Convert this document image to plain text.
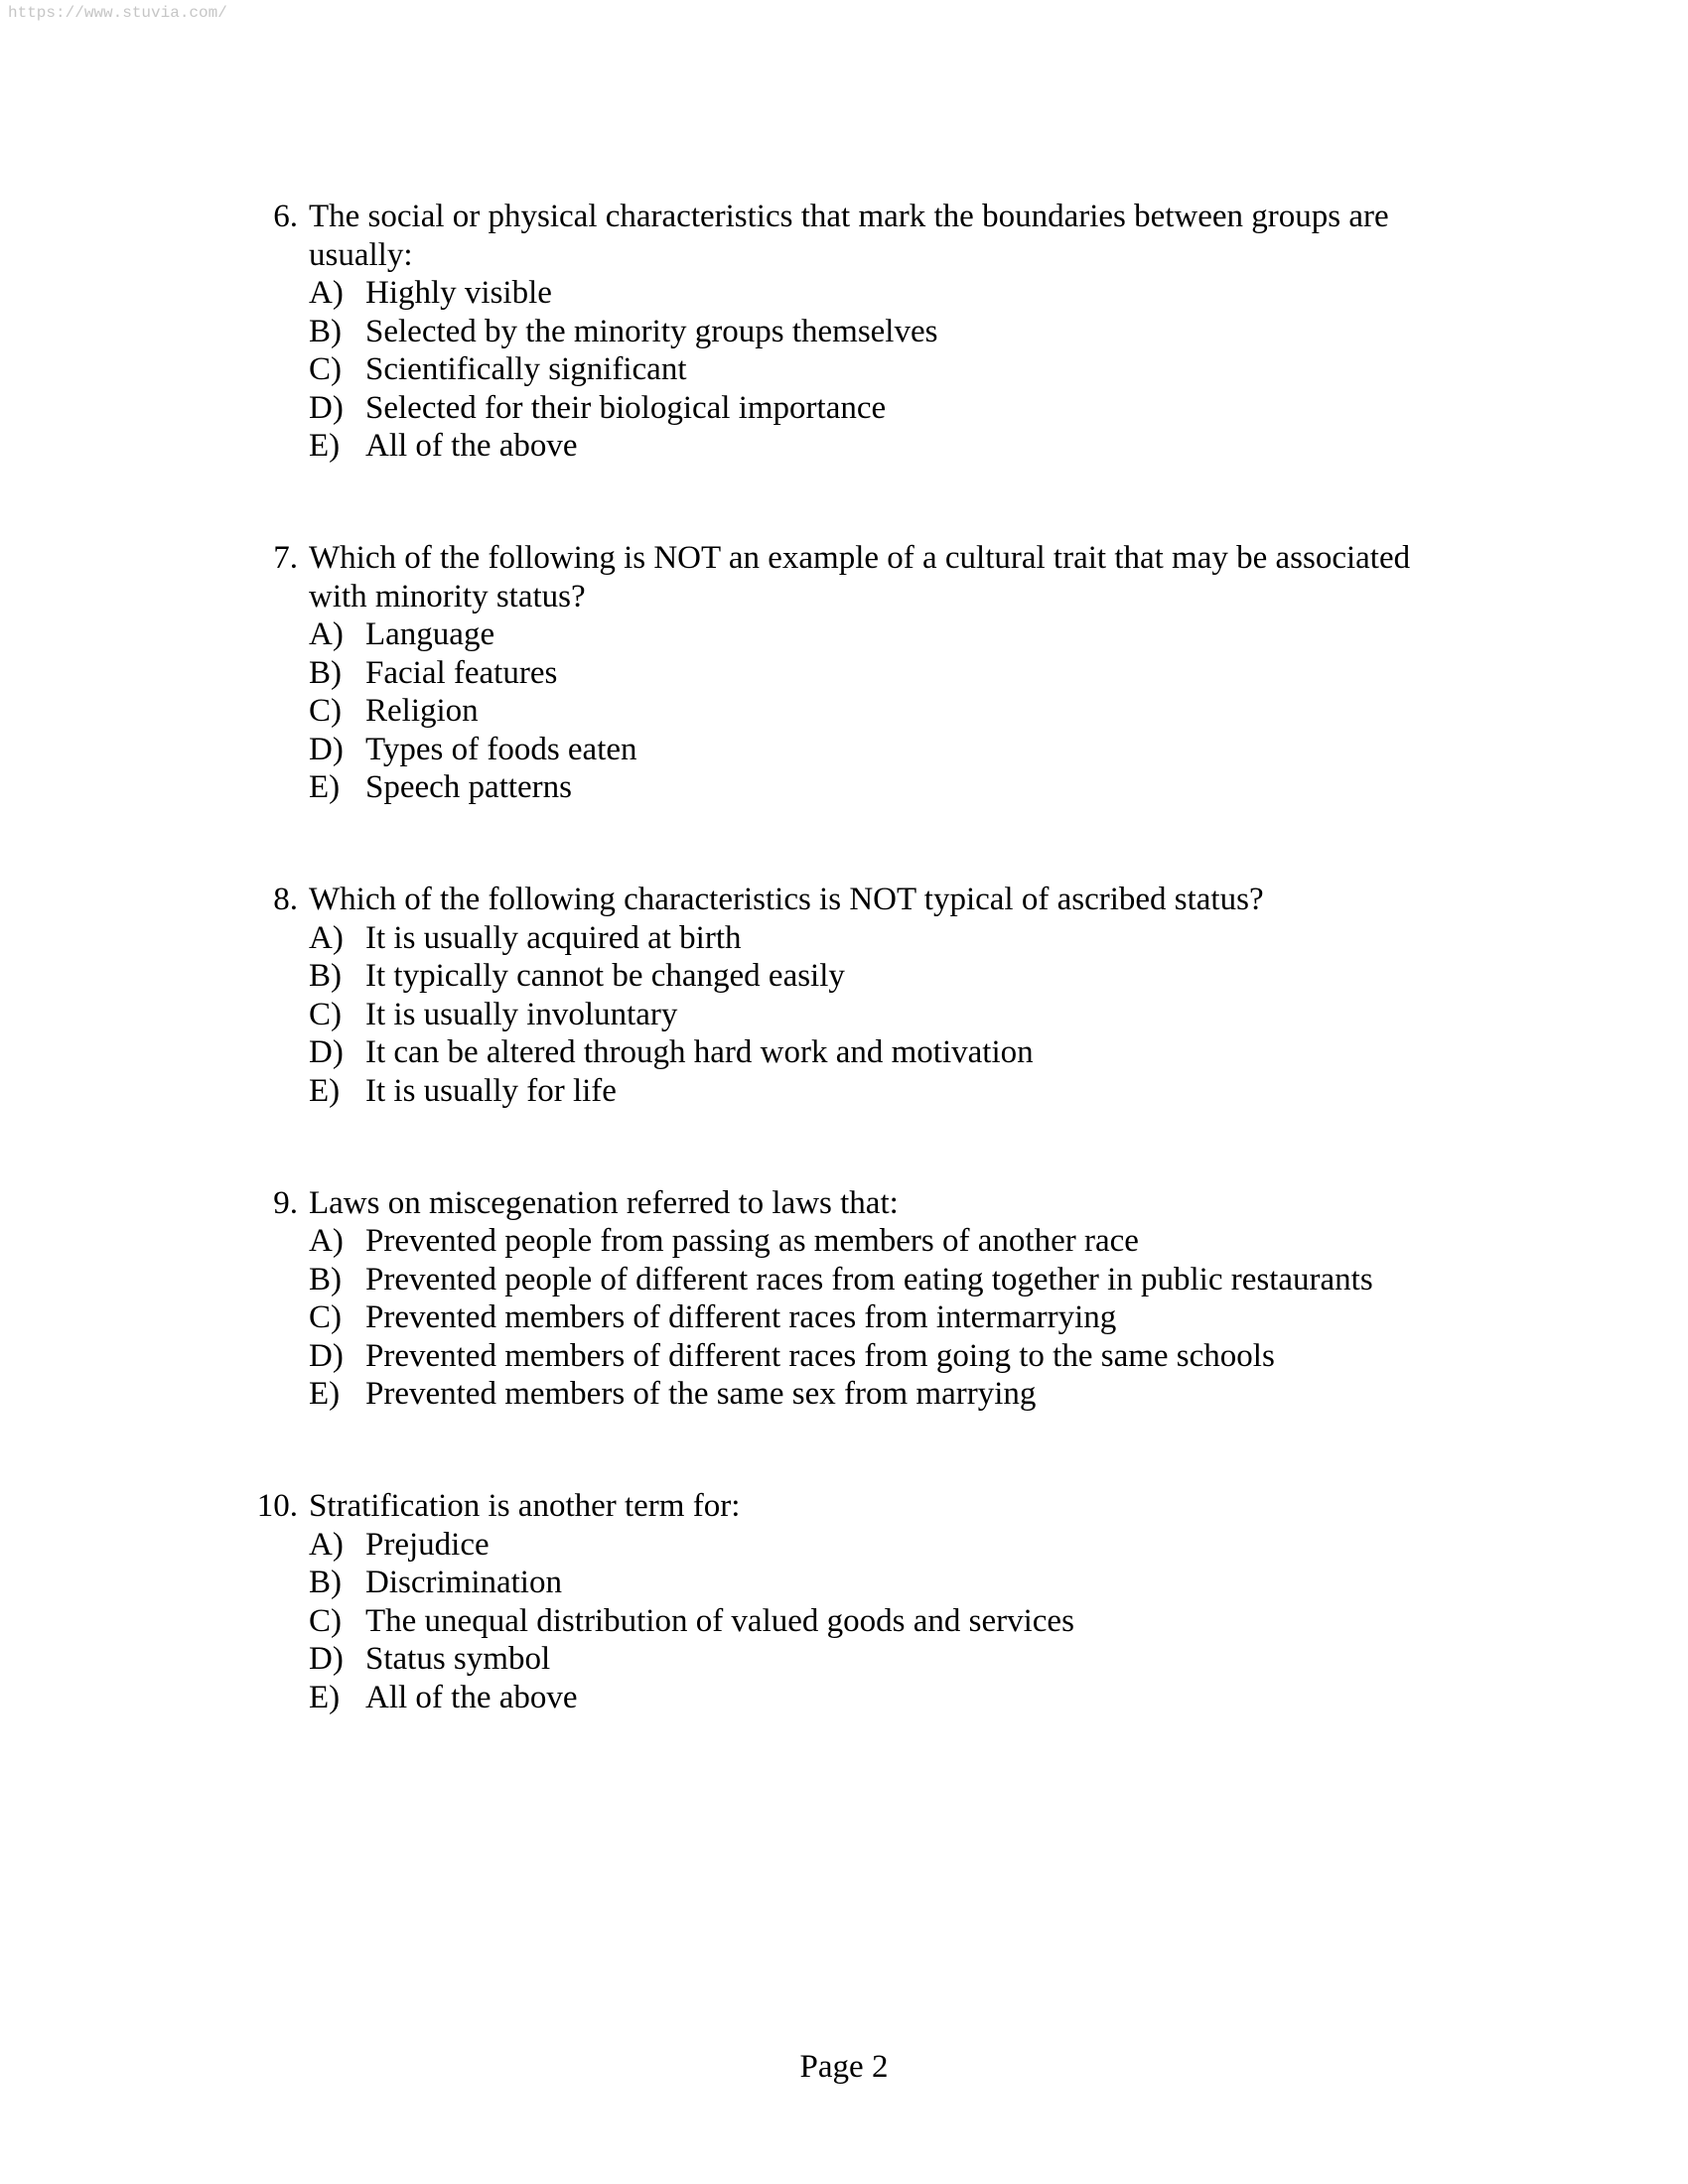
https://www.stuvia.com/
6. The social or physical characteristics that mark the boundaries between groups are usually:

A) Highly visible
B) Selected by the minority groups themselves
C) Scientifically significant
D) Selected for their biological importance
E) All of the above
7. Which of the following is NOT an example of a cultural trait that may be associated with minority status?

A) Language
B) Facial features
C) Religion
D) Types of foods eaten
E) Speech patterns
8. Which of the following characteristics is NOT typical of ascribed status?

A) It is usually acquired at birth
B) It typically cannot be changed easily
C) It is usually involuntary
D) It can be altered through hard work and motivation
E) It is usually for life
9. Laws on miscegenation referred to laws that:

A) Prevented people from passing as members of another race
B) Prevented people of different races from eating together in public restaurants
C) Prevented members of different races from intermarrying
D) Prevented members of different races from going to the same schools
E) Prevented members of the same sex from marrying
10. Stratification is another term for:

A) Prejudice
B) Discrimination
C) The unequal distribution of valued goods and services
D) Status symbol
E) All of the above
Page 2
